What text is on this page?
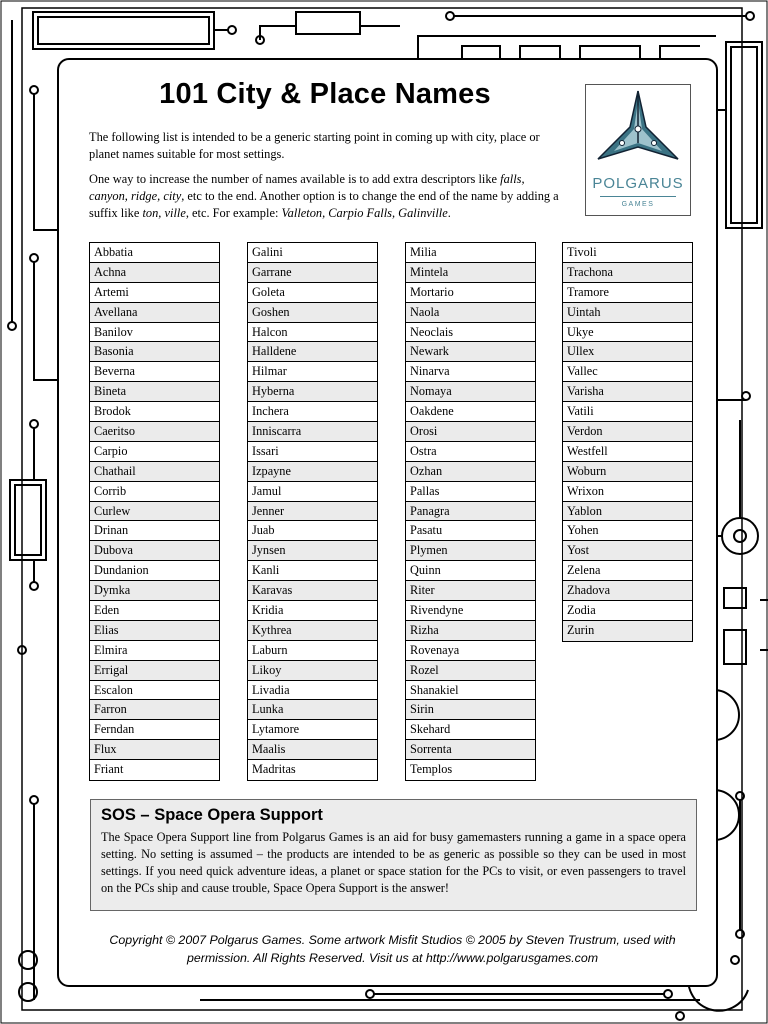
101 City & Place Names

The following list is intended to be a generic starting point in coming up with city, place or planet names suitable for most settings.

One way to increase the number of names available is to add extra descriptors like falls, canyon, ridge, city, etc to the end. Another option is to change the end of the name by adding a suffix like ton, ville, etc. For example: Valleton, Carpio Falls, Galinville.

POLGARUS
GAMES
Abbatia
Achna
Artemi
Avellana
Banilov
Basonia
Beverna
Bineta
Brodok
Caeritso
Carpio
Chathail
Corrib
Curlew
Drinan
Dubova
Dundanion
Dymka
Eden
Elias
Elmira
Errigal
Escalon
Farron
Ferndan
Flux
Friant
Galini
Garrane
Goleta
Goshen
Halcon
Halldene
Hilmar
Hyberna
Inchera
Inniscarra
Issari
Izpayne
Jamul
Jenner
Juab
Jynsen
Kanli
Karavas
Kridia
Kythrea
Laburn
Likoy
Livadia
Lunka
Lytamore
Maalis
Madritas
Milia
Mintela
Mortario
Naola
Neoclais
Newark
Ninarva
Nomaya
Oakdene
Orosi
Ostra
Ozhan
Pallas
Panagra
Pasatu
Plymen
Quinn
Riter
Rivendyne
Rizha
Rovenaya
Rozel
Shanakiel
Sirin
Skehard
Sorrenta
Templos
Tivoli
Trachona
Tramore
Uintah
Ukye
Ullex
Vallec
Varisha
Vatili
Verdon
Westfell
Woburn
Wrixon
Yablon
Yohen
Yost
Zelena
Zhadova
Zodia
Zurin
SOS – Space Opera Support

The Space Opera Support line from Polgarus Games is an aid for busy gamemasters running a game in a space opera setting. No setting is assumed – the products are intended to be as generic as possible so they can be used in most settings. If you need quick adventure ideas, a planet or space station for the PCs to visit, or even passengers to travel on the PCs ship and cause trouble, Space Opera Support is the answer!

Copyright © 2007 Polgarus Games. Some artwork Misfit Studios © 2005 by Steven Trustrum, used with
permission. All Rights Reserved. Visit us at http://www.polgarusgames.com
